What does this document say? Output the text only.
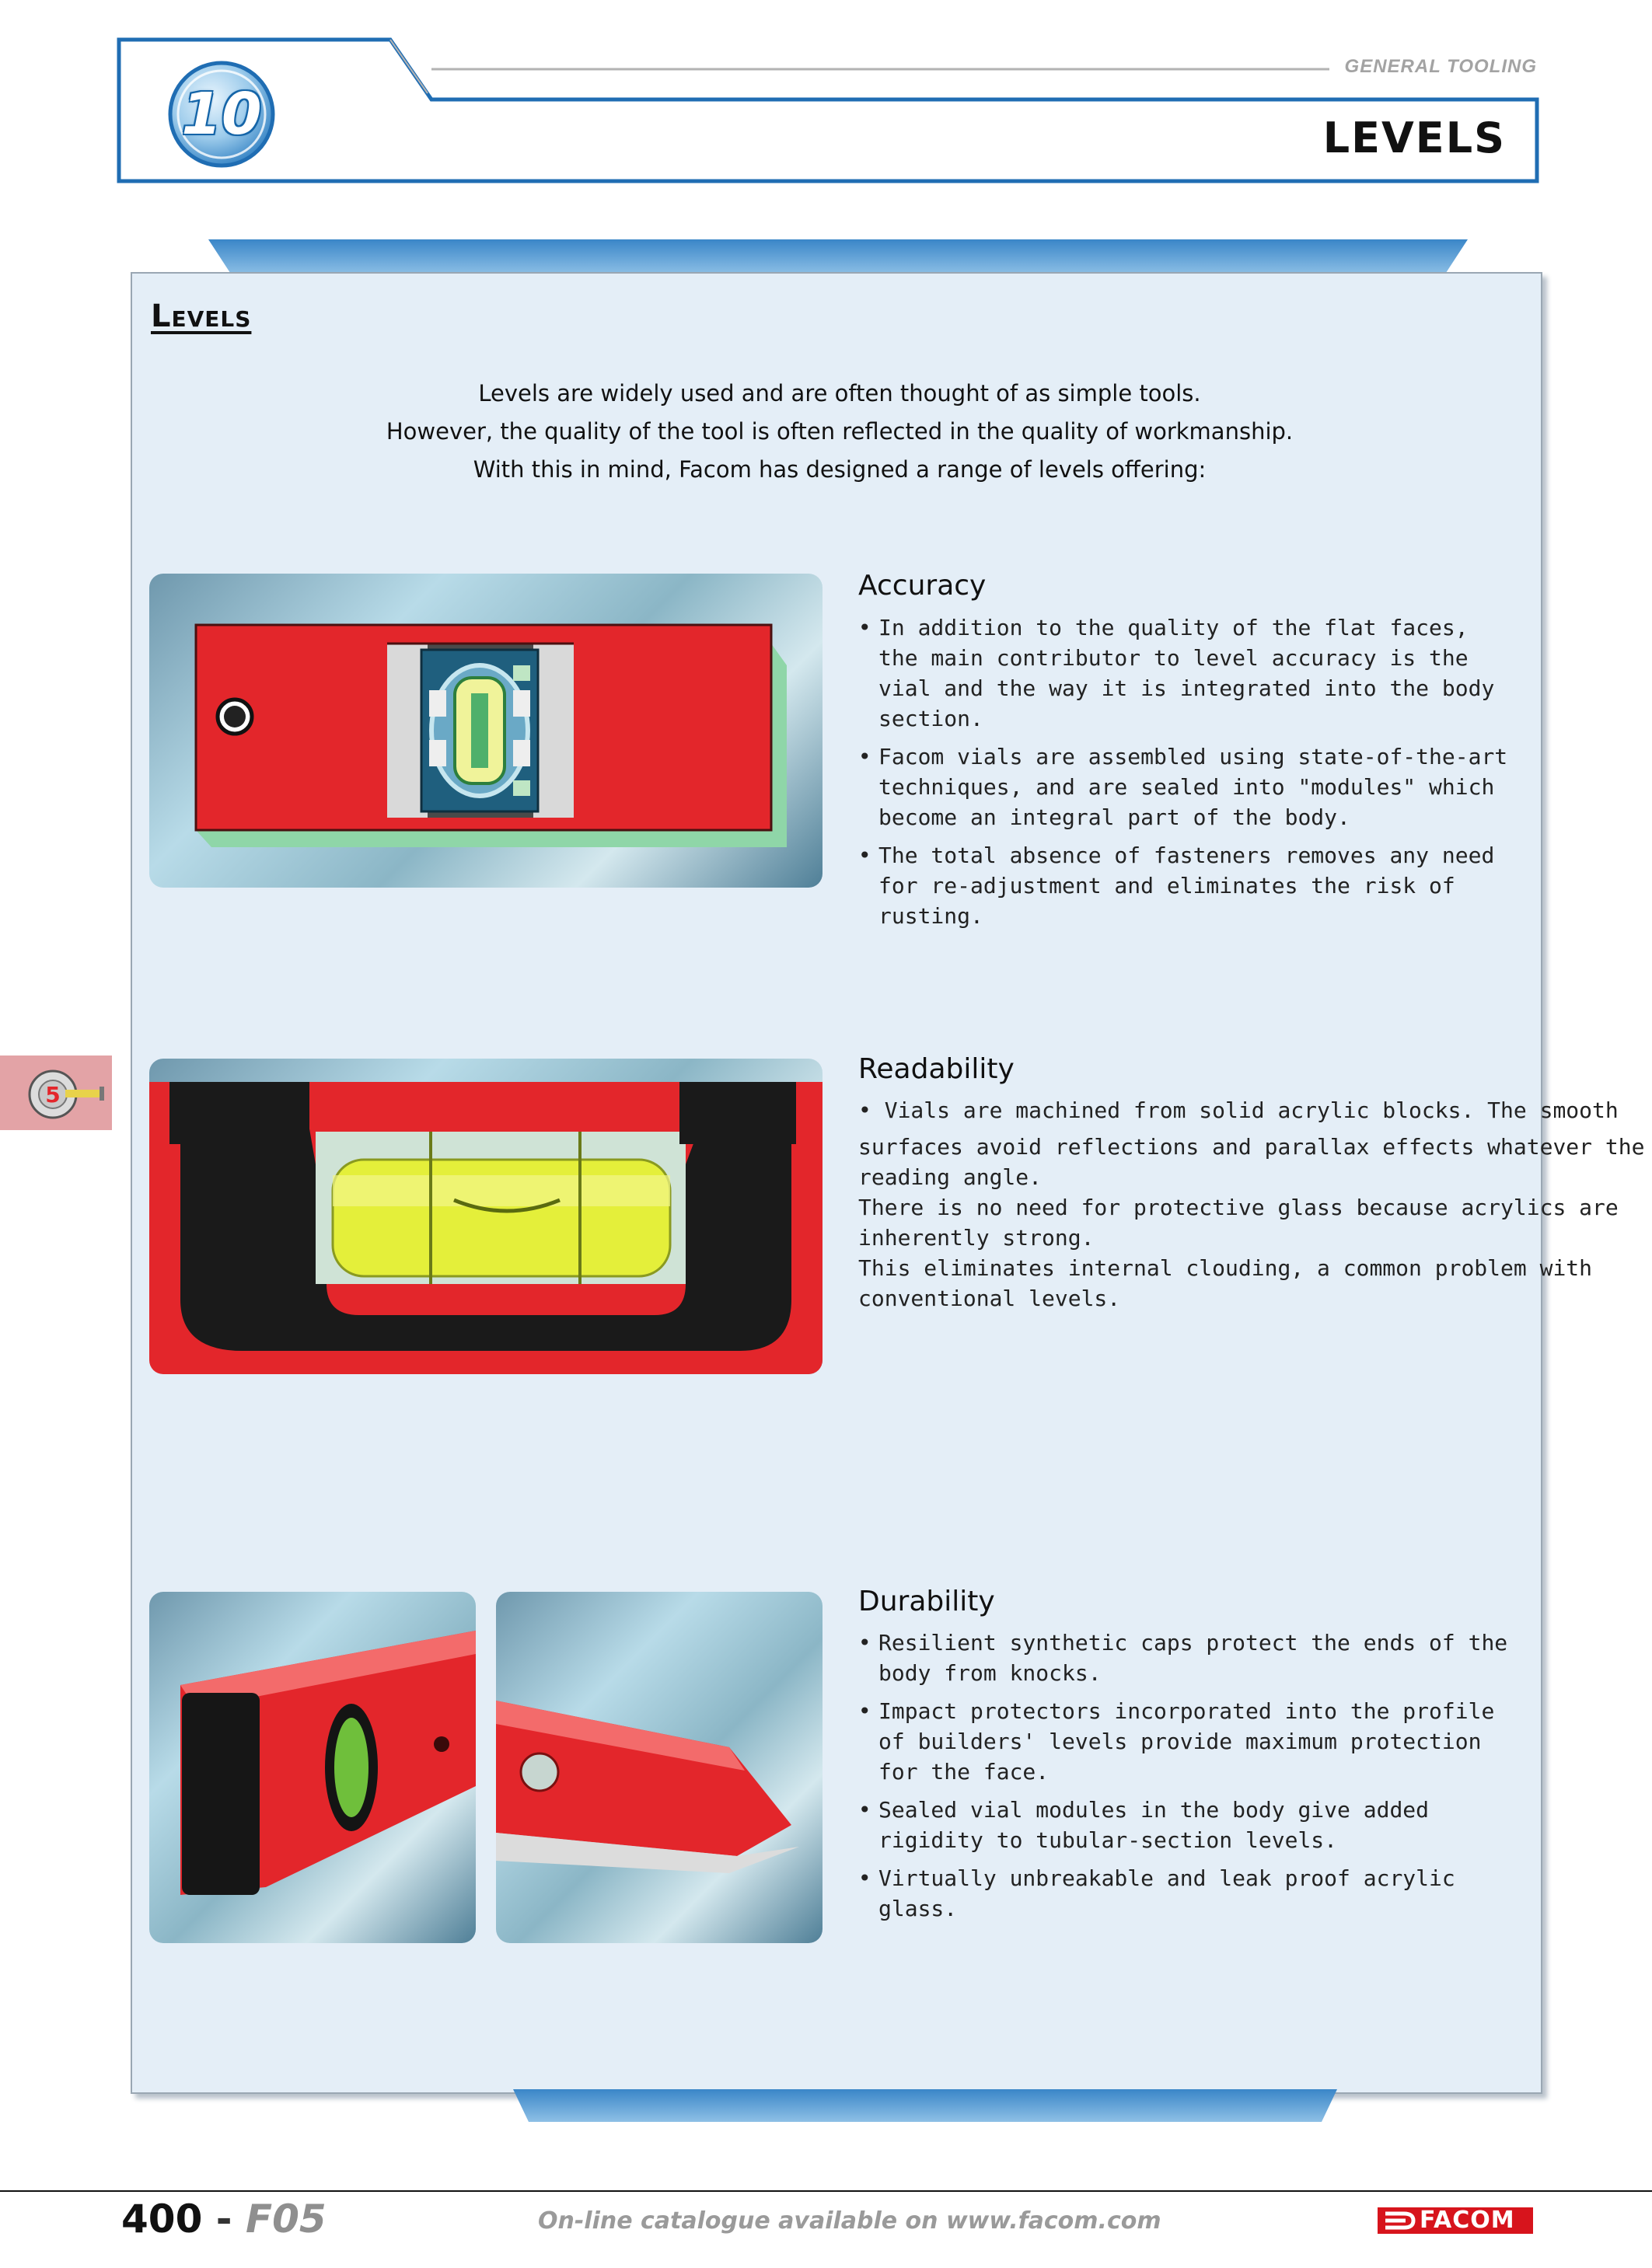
10
GENERAL TOOLING
LEVELS
Levels
Levels are widely used and are often thought of as simple tools.
However, the quality of the tool is often reflected in the quality of workmanship.
With this in mind, Facom has designed a range of levels offering:
Accuracy
• In addition to the quality of the flat faces, the main contributor to level accuracy is the vial and the way it is integrated into the body section.
• Facom vials are assembled using state-of-the-art techniques, and are sealed into "modules" which become an integral part of the body.
• The total absence of fasteners removes any need for re-adjustment and eliminates the risk of rusting.
Readability
• Vials are machined from solid acrylic blocks. The smooth
surfaces avoid reflections and parallax effects whatever the
reading angle.
There is no need for protective glass because acrylics are
inherently strong.
This eliminates internal clouding, a common problem with
conventional levels.
Durability
• Resilient synthetic caps protect the ends of the body from knocks.
• Impact protectors incorporated into the profile of builders' levels provide maximum protection for the face.
• Sealed vial modules in the body give added rigidity to tubular-section levels.
• Virtually unbreakable and leak proof acrylic glass.
5
400 - F05	On-line catalogue available on www.facom.com	FACOM
